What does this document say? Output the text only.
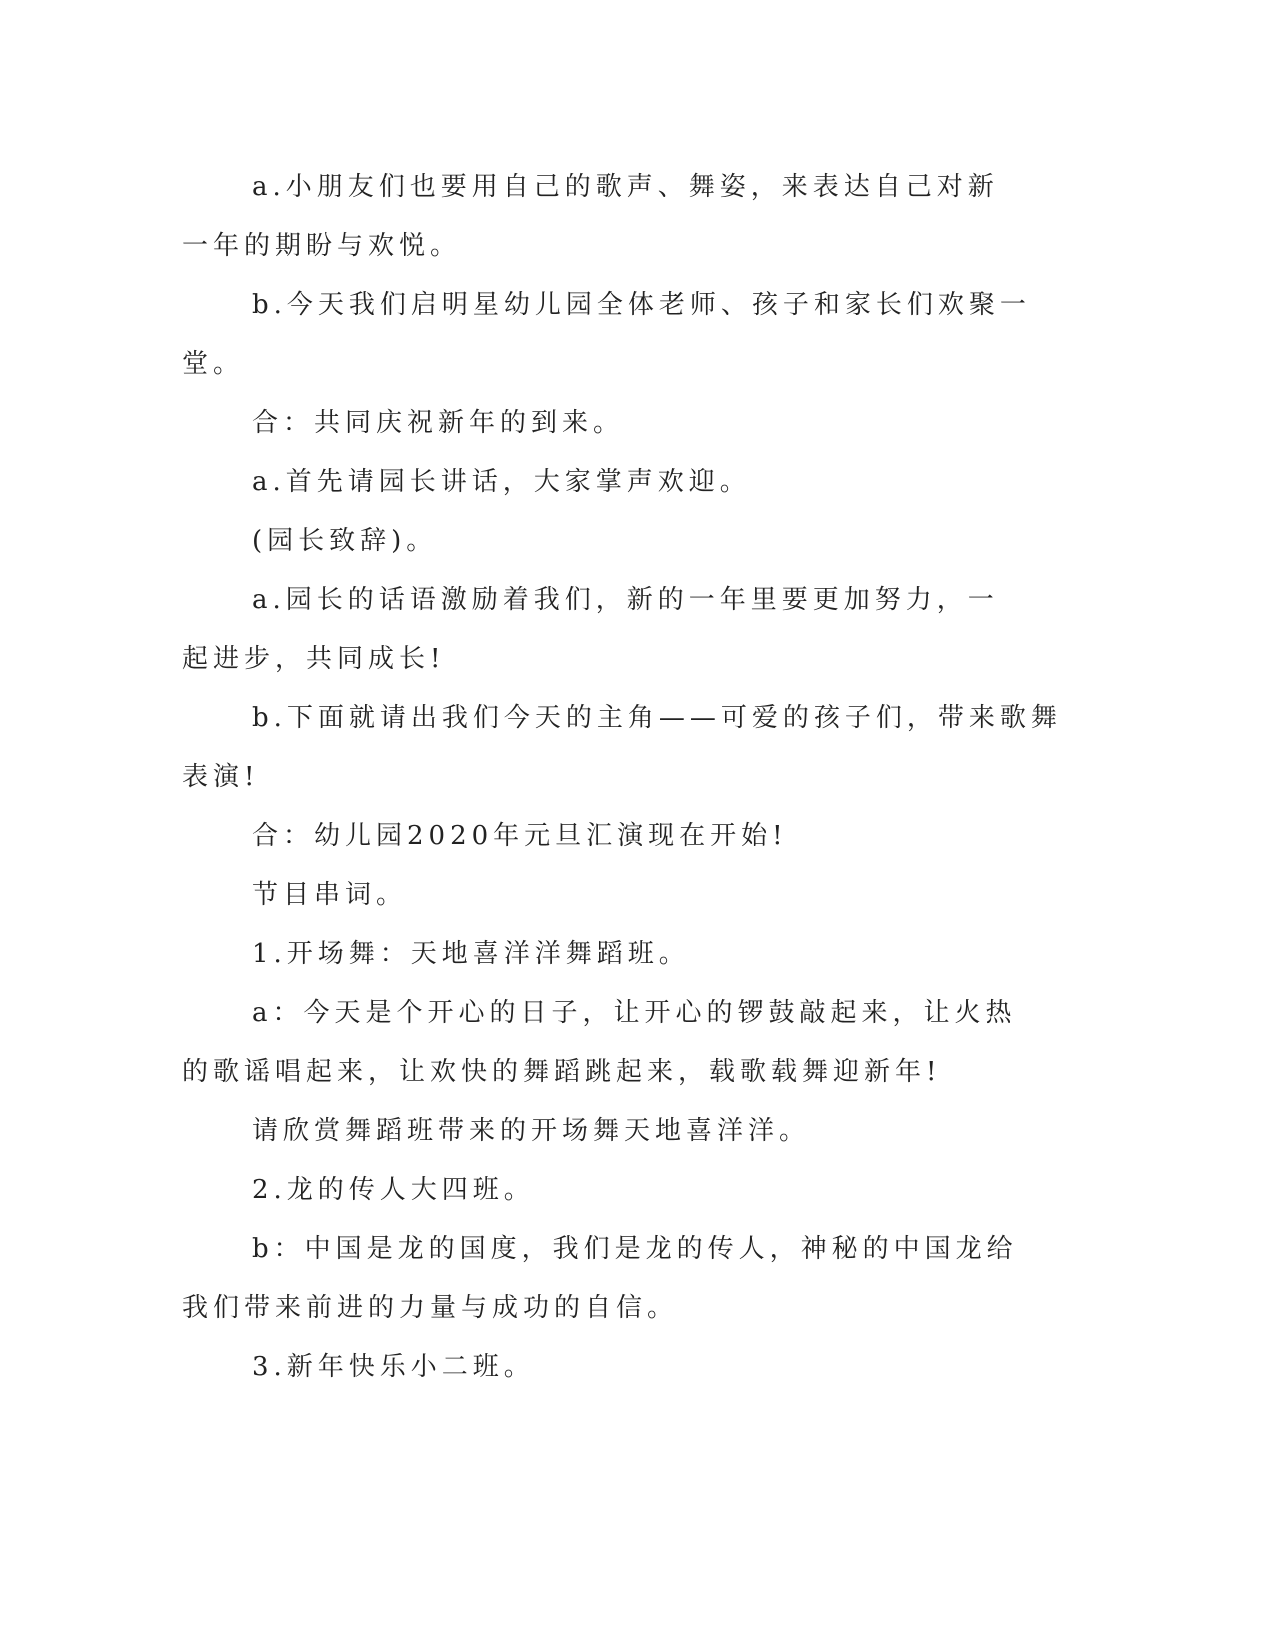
a.小朋友们也要用自己的歌声、舞姿，来表达自己对新一年的期盼与欢悦。

b.今天我们启明星幼儿园全体老师、孩子和家长们欢聚一堂。

合：共同庆祝新年的到来。

a.首先请园长讲话，大家掌声欢迎。

(园长致辞)。

a.园长的话语激励着我们，新的一年里要更加努力，一起进步，共同成长!

b.下面就请出我们今天的主角——可爱的孩子们，带来歌舞表演!

合：幼儿园2020年元旦汇演现在开始!

节目串词。

1.开场舞：天地喜洋洋舞蹈班。

a：今天是个开心的日子，让开心的锣鼓敲起来，让火热的歌谣唱起来，让欢快的舞蹈跳起来，载歌载舞迎新年!

请欣赏舞蹈班带来的开场舞天地喜洋洋。

2.龙的传人大四班。

b：中国是龙的国度，我们是龙的传人，神秘的中国龙给我们带来前进的力量与成功的自信。

3.新年快乐小二班。
